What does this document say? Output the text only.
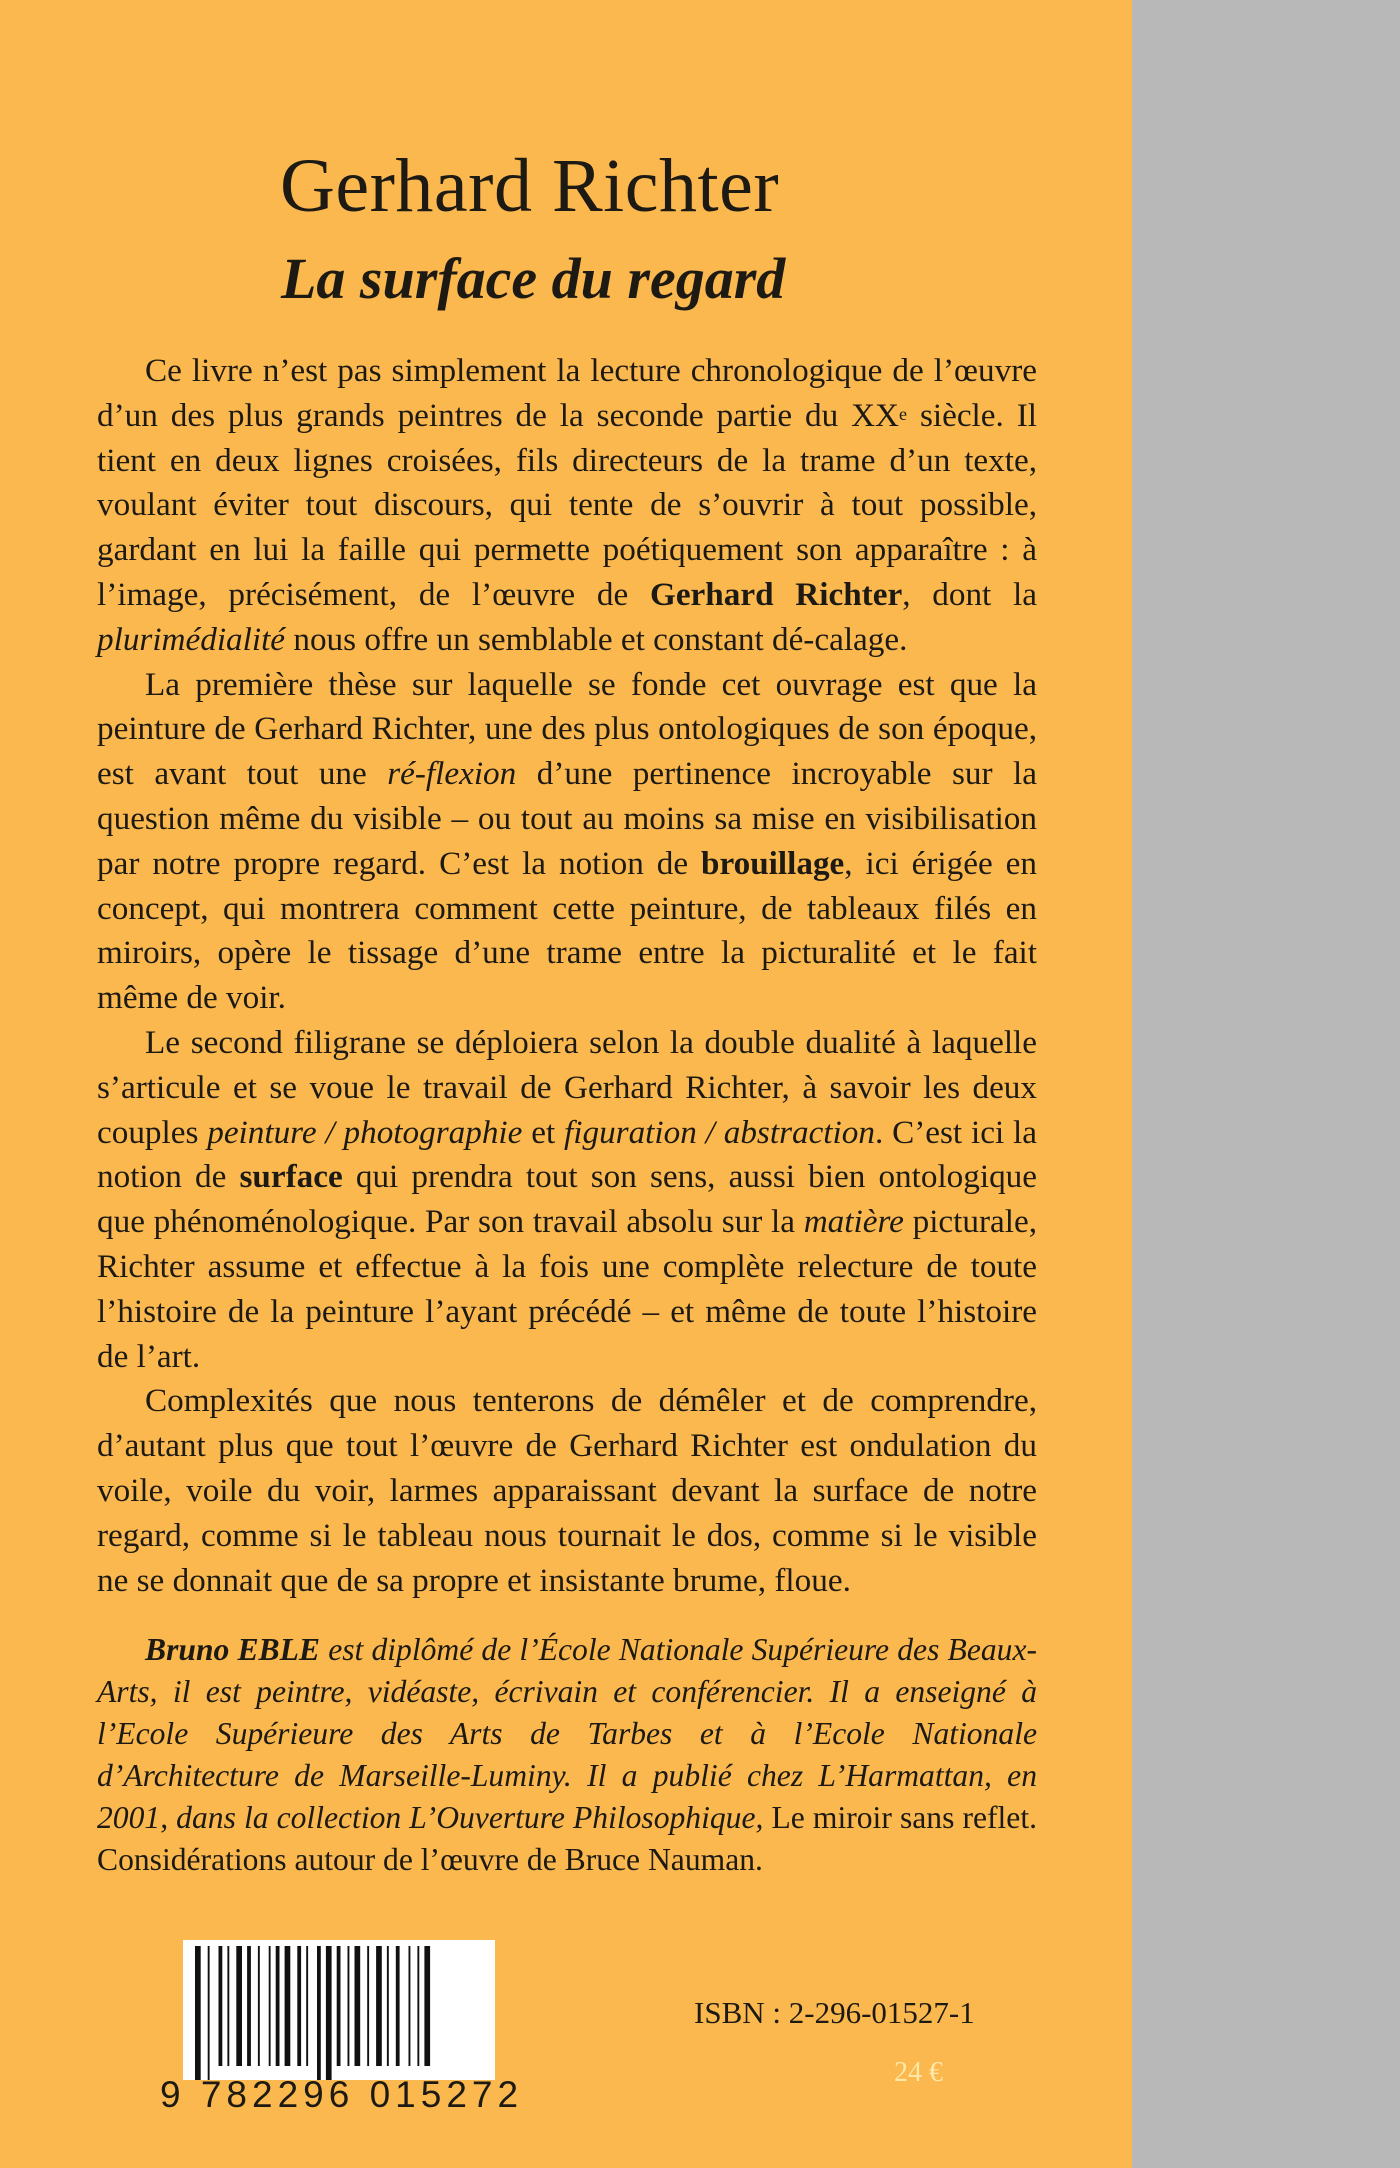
Gerhard Richter
La surface du regard

Ce livre n’est pas simplement la lecture chronologique de l’œuvre d’un des plus grands peintres de la seconde partie du XXe siècle. Il tient en deux lignes croisées, fils directeurs de la trame d’un texte, voulant éviter tout discours, qui tente de s’ouvrir à tout possible, gardant en lui la faille qui permette poétiquement son apparaître : à l’image, précisément, de l’œuvre de Gerhard Richter, dont la plurimédialité nous offre un semblable et constant dé-calage.

La première thèse sur laquelle se fonde cet ouvrage est que la peinture de Gerhard Richter, une des plus ontologiques de son époque, est avant tout une ré-flexion d’une pertinence incroyable sur la question même du visible – ou tout au moins sa mise en visibilisation par notre propre regard. C’est la notion de brouillage, ici érigée en concept, qui montrera comment cette peinture, de tableaux filés en miroirs, opère le tissage d’une trame entre la picturalité et le fait même de voir.

Le second filigrane se déploiera selon la double dualité à laquelle s’articule et se voue le travail de Gerhard Richter, à savoir les deux couples peinture / photographie et figuration / abstraction. C’est ici la notion de surface qui prendra tout son sens, aussi bien ontologique que phénoménologique. Par son travail absolu sur la matière picturale, Richter assume et effectue à la fois une complète relecture de toute l’histoire de la peinture l’ayant précédé – et même de toute l’histoire de l’art.

Complexités que nous tenterons de démêler et de comprendre, d’autant plus que tout l’œuvre de Gerhard Richter est ondulation du voile, voile du voir, larmes apparaissant devant la surface de notre regard, comme si le tableau nous tournait le dos, comme si le visible ne se donnait que de sa propre et insistante brume, floue.

Bruno EBLE est diplômé de l’École Nationale Supérieure des Beaux-Arts, il est peintre, vidéaste, écrivain et conférencier. Il a enseigné à l’Ecole Supérieure des Arts de Tarbes et à l’Ecole Nationale d’Architecture de Marseille-Luminy. Il a publié chez L’Harmattan, en 2001, dans la collection L’Ouverture Philosophique, Le miroir sans reflet. Considérations autour de l’œuvre de Bruce Nauman.

9 782296 015272

ISBN : 2-296-01527-1

24 €
